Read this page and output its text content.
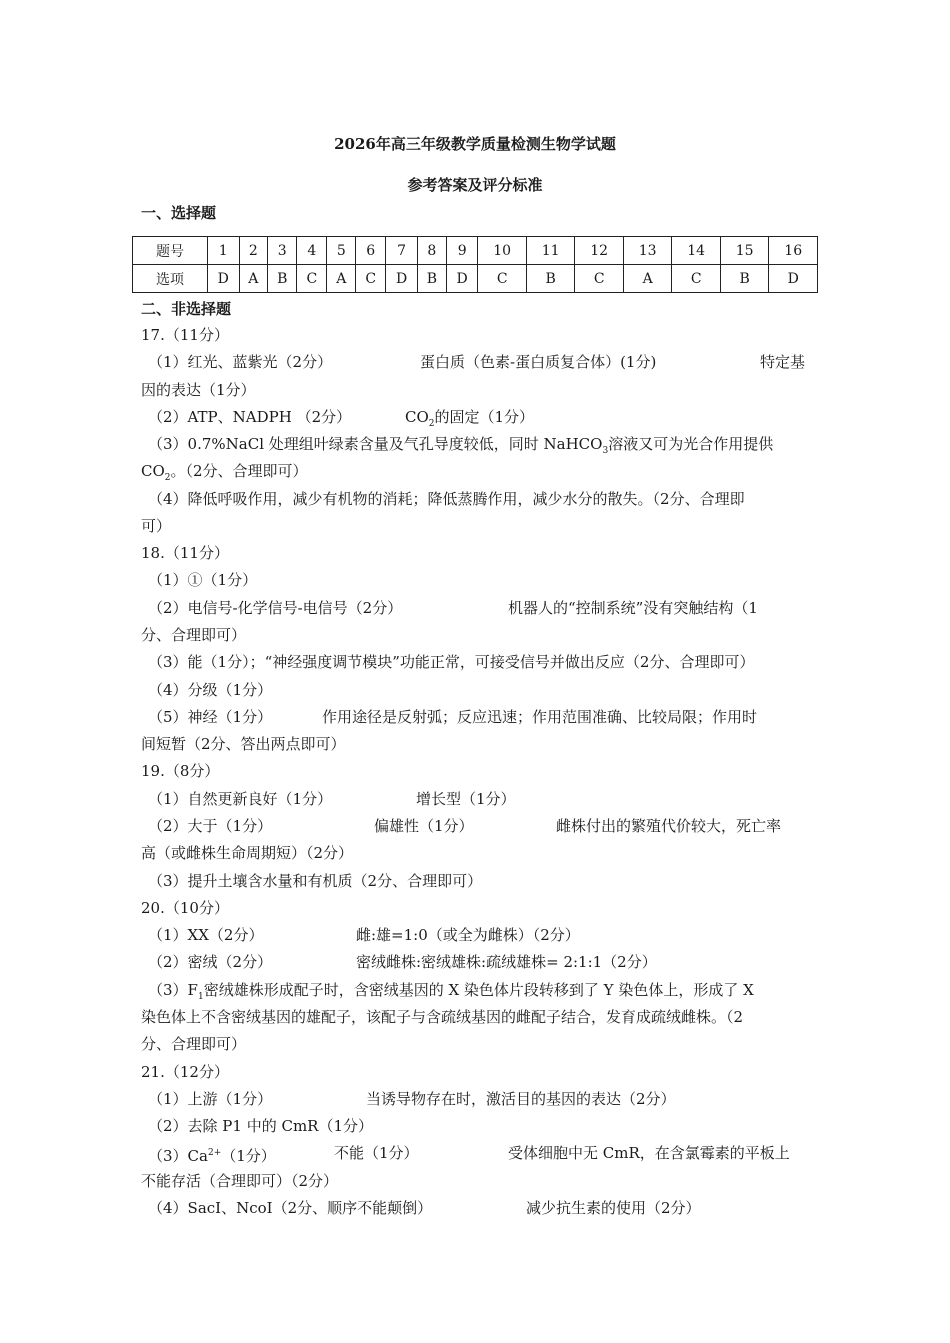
2026年高三年级教学质量检测生物学试题
参考答案及评分标准
一、选择题
题号	1	2	3	4	5	6	7	8	9	10	11	12	13	14	15	16
选项	D	A	B	C	A	C	D	B	D	C	B	C	A	C	B	D
二、非选择题
17.（11分）
（1）红光、蓝紫光（2分）	蛋白质（色素-蛋白质复合体）(1分)	特定基
因的表达（1分）
（2）ATP、NADPH （2分）	$CO_2$的固定（1分）
（3）0.7%NaCl 处理组叶绿素含量及气孔导度较低，同时 NaHCO$_3$溶液又可为光合作用提供
$CO_2$。（2分、合理即可）
（4）降低呼吸作用，减少有机物的消耗；降低蒸腾作用，减少水分的散失。（2分、合理即
可）
18.（11分）
（1）①（1分）
（2）电信号-化学信号-电信号（2分）	机器人的“控制系统”没有突触结构（1
分、合理即可）
（3）能（1分）；“神经强度调节模块”功能正常，可接受信号并做出反应（2分、合理即可）
（4）分级（1分）
（5）神经（1分）	作用途径是反射弧；反应迅速；作用范围准确、比较局限；作用时
间短暂（2分、答出两点即可）
19.（8分）
（1）自然更新良好（1分）	增长型（1分）
（2）大于（1分）	偏雄性（1分）	雌株付出的繁殖代价较大，死亡率
高（或雌株生命周期短）（2分）
（3）提升土壤含水量和有机质（2分、合理即可）
20.（10分）
（1）XX（2分）	雌:雄=1:0（或全为雌株）（2分）
（2）密绒（2分）	密绒雌株:密绒雄株:疏绒雄株= 2:1:1（2分）
$(3)F_1$密绒雄株形成配子时，含密绒基因的 X 染色体片段转移到了 Y 染色体上，形成了 X
染色体上不含密绒基因的雄配子，该配子与含疏绒基因的雌配子结合，发育成疏绒雌株。（2
分、合理即可）
21.（12分）
（1）上游（1分）	当诱导物存在时，激活目的基因的表达（2分）
（2）去除 P1 中的 CmR（1分）
$(3)Ca^{2+}(1$分）	不能（1分）	受体细胞中无 CmR，在含氯霉素的平板上
不能存活（合理即可）（2分）
（4）SacI、NcoI（2分、顺序不能颠倒）	减少抗生素的使用（2分）
